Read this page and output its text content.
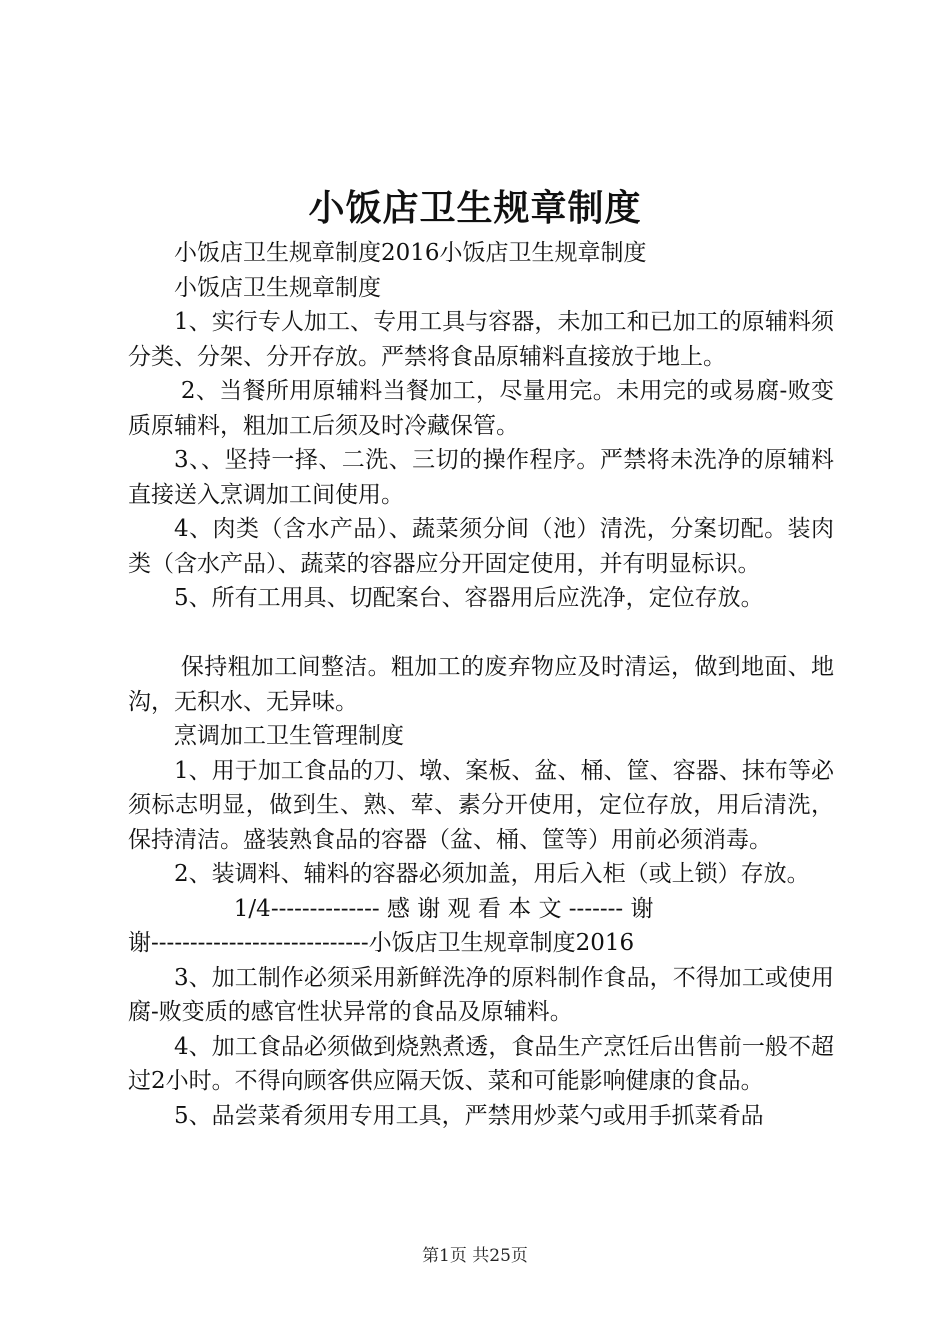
小饭店卫生规章制度

小饭店卫生规章制度2016小饭店卫生规章制度

小饭店卫生规章制度

1、实行专人加工、专用工具与容器，未加工和已加工的原辅料须分类、分架、分开存放。严禁将食品原辅料直接放于地上。

2、当餐所用原辅料当餐加工，尽量用完。未用完的或易腐-败变质原辅料，粗加工后须及时冷藏保管。

3、、坚持一择、二洗、三切的操作程序。严禁将未洗净的原辅料直接送入烹调加工间使用。

4、肉类（含水产品）、蔬菜须分间（池）清洗，分案切配。装肉类（含水产品）、蔬菜的容器应分开固定使用，并有明显标识。

5、所有工用具、切配案台、容器用后应洗净，定位存放。

保持粗加工间整洁。粗加工的废弃物应及时清运，做到地面、地沟，无积水、无异味。

烹调加工卫生管理制度

1、用于加工食品的刀、墩、案板、盆、桶、筐、容器、抹布等必须标志明显，做到生、熟、荤、素分开使用，定位存放，用后清洗，保持清洁。盛装熟食品的容器（盆、桶、筐等）用前必须消毒。

2、装调料、辅料的容器必须加盖，用后入柜（或上锁）存放。

1/4-------------- 感 谢 观 看 本 文 ------- 谢

谢----------------------------小饭店卫生规章制度2016

3、加工制作必须采用新鲜洗净的原料制作食品，不得加工或使用腐-败变质的感官性状异常的食品及原辅料。

4、加工食品必须做到烧熟煮透，食品生产烹饪后出售前一般不超过2小时。不得向顾客供应隔天饭、菜和可能影响健康的食品。

5、品尝菜肴须用专用工具，严禁用炒菜勺或用手抓菜肴品

第1页 共25页
